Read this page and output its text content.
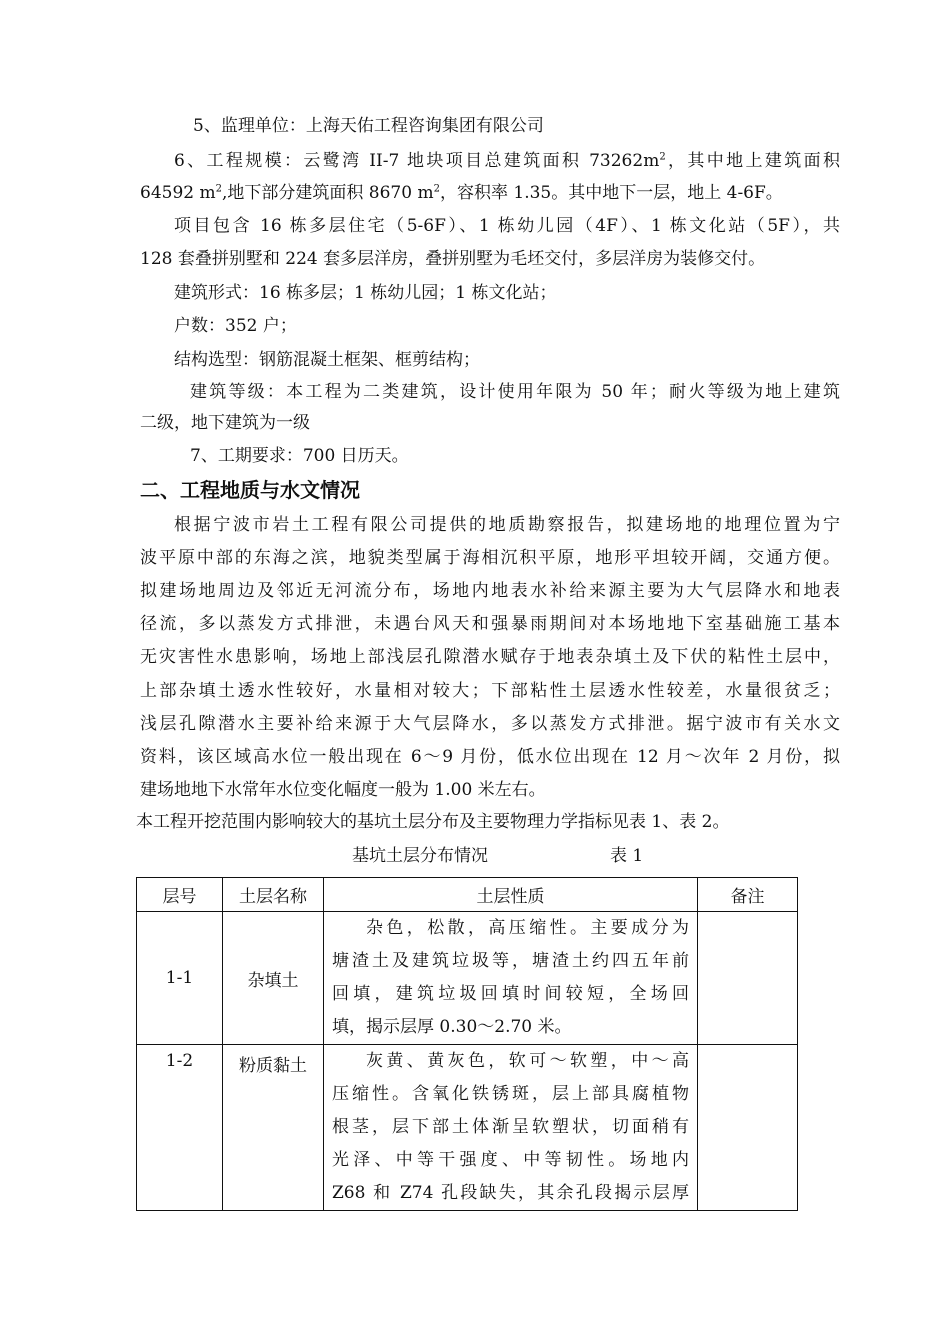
5、监理单位：上海天佑工程咨询集团有限公司
6、工程规模：云鹭湾 II-7 地块项目总建筑面积 $73262m^2$，其中地上建筑面积
64592 $m^2$,地下部分建筑面积 8670 $m^2$，容积率 1.35。其中地下一层，地上 4-6F。
项目包含 16 栋多层住宅（5-6F）、1 栋幼儿园（4F）、1 栋文化站（5F），共
128 套叠拼别墅和 224 套多层洋房，叠拼别墅为毛坯交付，多层洋房为装修交付。
建筑形式：16 栋多层；1 栋幼儿园；1 栋文化站；
户数：352 户；
结构选型：钢筋混凝土框架、框剪结构；
建筑等级：本工程为二类建筑，设计使用年限为 50 年；耐火等级为地上建筑
二级，地下建筑为一级
7、工期要求：700 日历天。
二、工程地质与水文情况
根据宁波市岩土工程有限公司提供的地质勘察报告，拟建场地的地理位置为宁
波平原中部的东海之滨，地貌类型属于海相沉积平原，地形平坦较开阔，交通方便。
拟建场地周边及邻近无河流分布，场地内地表水补给来源主要为大气层降水和地表
径流，多以蒸发方式排泄，未遇台风天和强暴雨期间对本场地地下室基础施工基本
无灾害性水患影响，场地上部浅层孔隙潜水赋存于地表杂填土及下伏的粘性土层中，
上部杂填土透水性较好，水量相对较大；下部粘性土层透水性较差，水量很贫乏；
浅层孔隙潜水主要补给来源于大气层降水，多以蒸发方式排泄。据宁波市有关水文
资料，该区域高水位一般出现在 6～9 月份，低水位出现在 12 月～次年 2 月份，拟
建场地地下水常年水位变化幅度一般为 1.00 米左右。
本工程开挖范围内影响较大的基坑土层分布及主要物理力学指标见表 1、表 2。
基坑土层分布情况	表 1
层号	土层名称	土层性质	备注
1-1	杂填土	杂色，松散，高压缩性。主要成分为
塘渣土及建筑垃圾等，塘渣土约四五年前
回填，建筑垃圾回填时间较短，全场回
填，揭示层厚 0.30～2.70 米。	

1-2	粉质黏土	灰黄、黄灰色，软可～软塑，中～高
压缩性。含氧化铁锈斑，层上部具腐植物
根茎，层下部土体渐呈软塑状，切面稍有
光泽、中等干强度、中等韧性。场地内
Z68 和 Z74 孔段缺失，其余孔段揭示层厚	
